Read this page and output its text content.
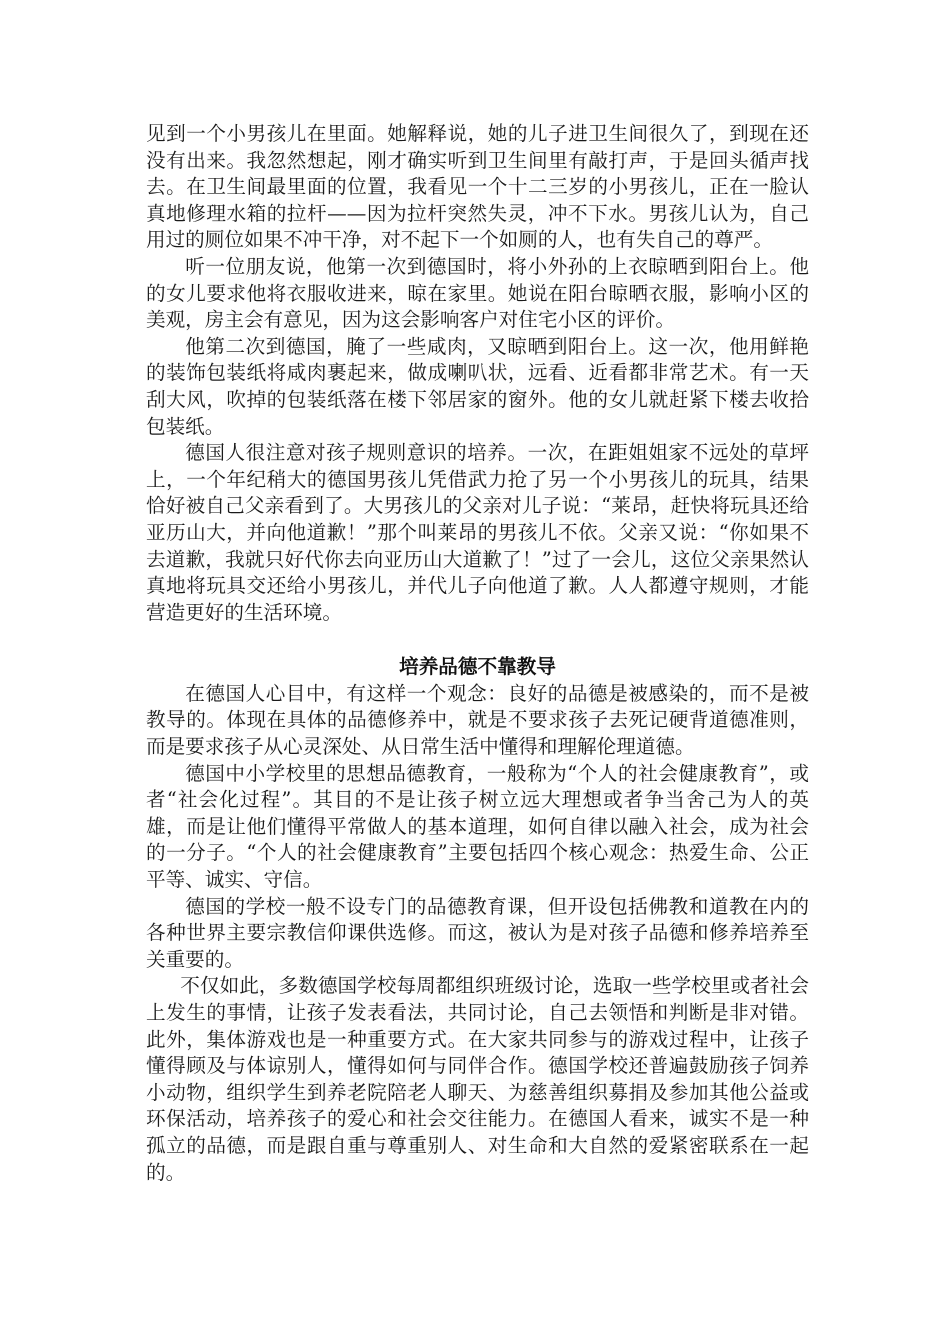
见到一个小男孩儿在里面。她解释说，她的儿子进卫生间很久了，到现在还没有出来。我忽然想起，刚才确实听到卫生间里有敲打声，于是回头循声找去。在卫生间最里面的位置，我看见一个十二三岁的小男孩儿，正在一脸认真地修理水箱的拉杆——因为拉杆突然失灵，冲不下水。男孩儿认为，自己用过的厕位如果不冲干净，对不起下一个如厕的人，也有失自己的尊严。

听一位朋友说，他第一次到德国时，将小外孙的上衣晾晒到阳台上。他的女儿要求他将衣服收进来，晾在家里。她说在阳台晾晒衣服，影响小区的美观，房主会有意见，因为这会影响客户对住宅小区的评价。

他第二次到德国，腌了一些咸肉，又晾晒到阳台上。这一次，他用鲜艳的装饰包装纸将咸肉裹起来，做成喇叭状，远看、近看都非常艺术。有一天刮大风，吹掉的包装纸落在楼下邻居家的窗外。他的女儿就赶紧下楼去收拾包装纸。

德国人很注意对孩子规则意识的培养。一次，在距姐姐家不远处的草坪上，一个年纪稍大的德国男孩儿凭借武力抢了另一个小男孩儿的玩具，结果恰好被自己父亲看到了。大男孩儿的父亲对儿子说：“莱昂，赶快将玩具还给亚历山大，并向他道歉！”那个叫莱昂的男孩儿不依。父亲又说：“你如果不去道歉，我就只好代你去向亚历山大道歉了！”过了一会儿，这位父亲果然认真地将玩具交还给小男孩儿，并代儿子向他道了歉。人人都遵守规则，才能营造更好的生活环境。

培养品德不靠教导

在德国人心目中，有这样一个观念：良好的品德是被感染的，而不是被教导的。体现在具体的品德修养中，就是不要求孩子去死记硬背道德准则，而是要求孩子从心灵深处、从日常生活中懂得和理解伦理道德。

德国中小学校里的思想品德教育，一般称为“个人的社会健康教育”，或者“社会化过程”。其目的不是让孩子树立远大理想或者争当舍己为人的英雄，而是让他们懂得平常做人的基本道理，如何自律以融入社会，成为社会的一分子。“个人的社会健康教育”主要包括四个核心观念：热爱生命、公正平等、诚实、守信。

德国的学校一般不设专门的品德教育课，但开设包括佛教和道教在内的各种世界主要宗教信仰课供选修。而这，被认为是对孩子品德和修养培养至关重要的。

不仅如此，多数德国学校每周都组织班级讨论，选取一些学校里或者社会上发生的事情，让孩子发表看法，共同讨论，自己去领悟和判断是非对错。此外，集体游戏也是一种重要方式。在大家共同参与的游戏过程中，让孩子懂得顾及与体谅别人，懂得如何与同伴合作。德国学校还普遍鼓励孩子饲养小动物，组织学生到养老院陪老人聊天、为慈善组织募捐及参加其他公益或环保活动，培养孩子的爱心和社会交往能力。在德国人看来，诚实不是一种孤立的品德，而是跟自重与尊重别人、对生命和大自然的爱紧密联系在一起的。
